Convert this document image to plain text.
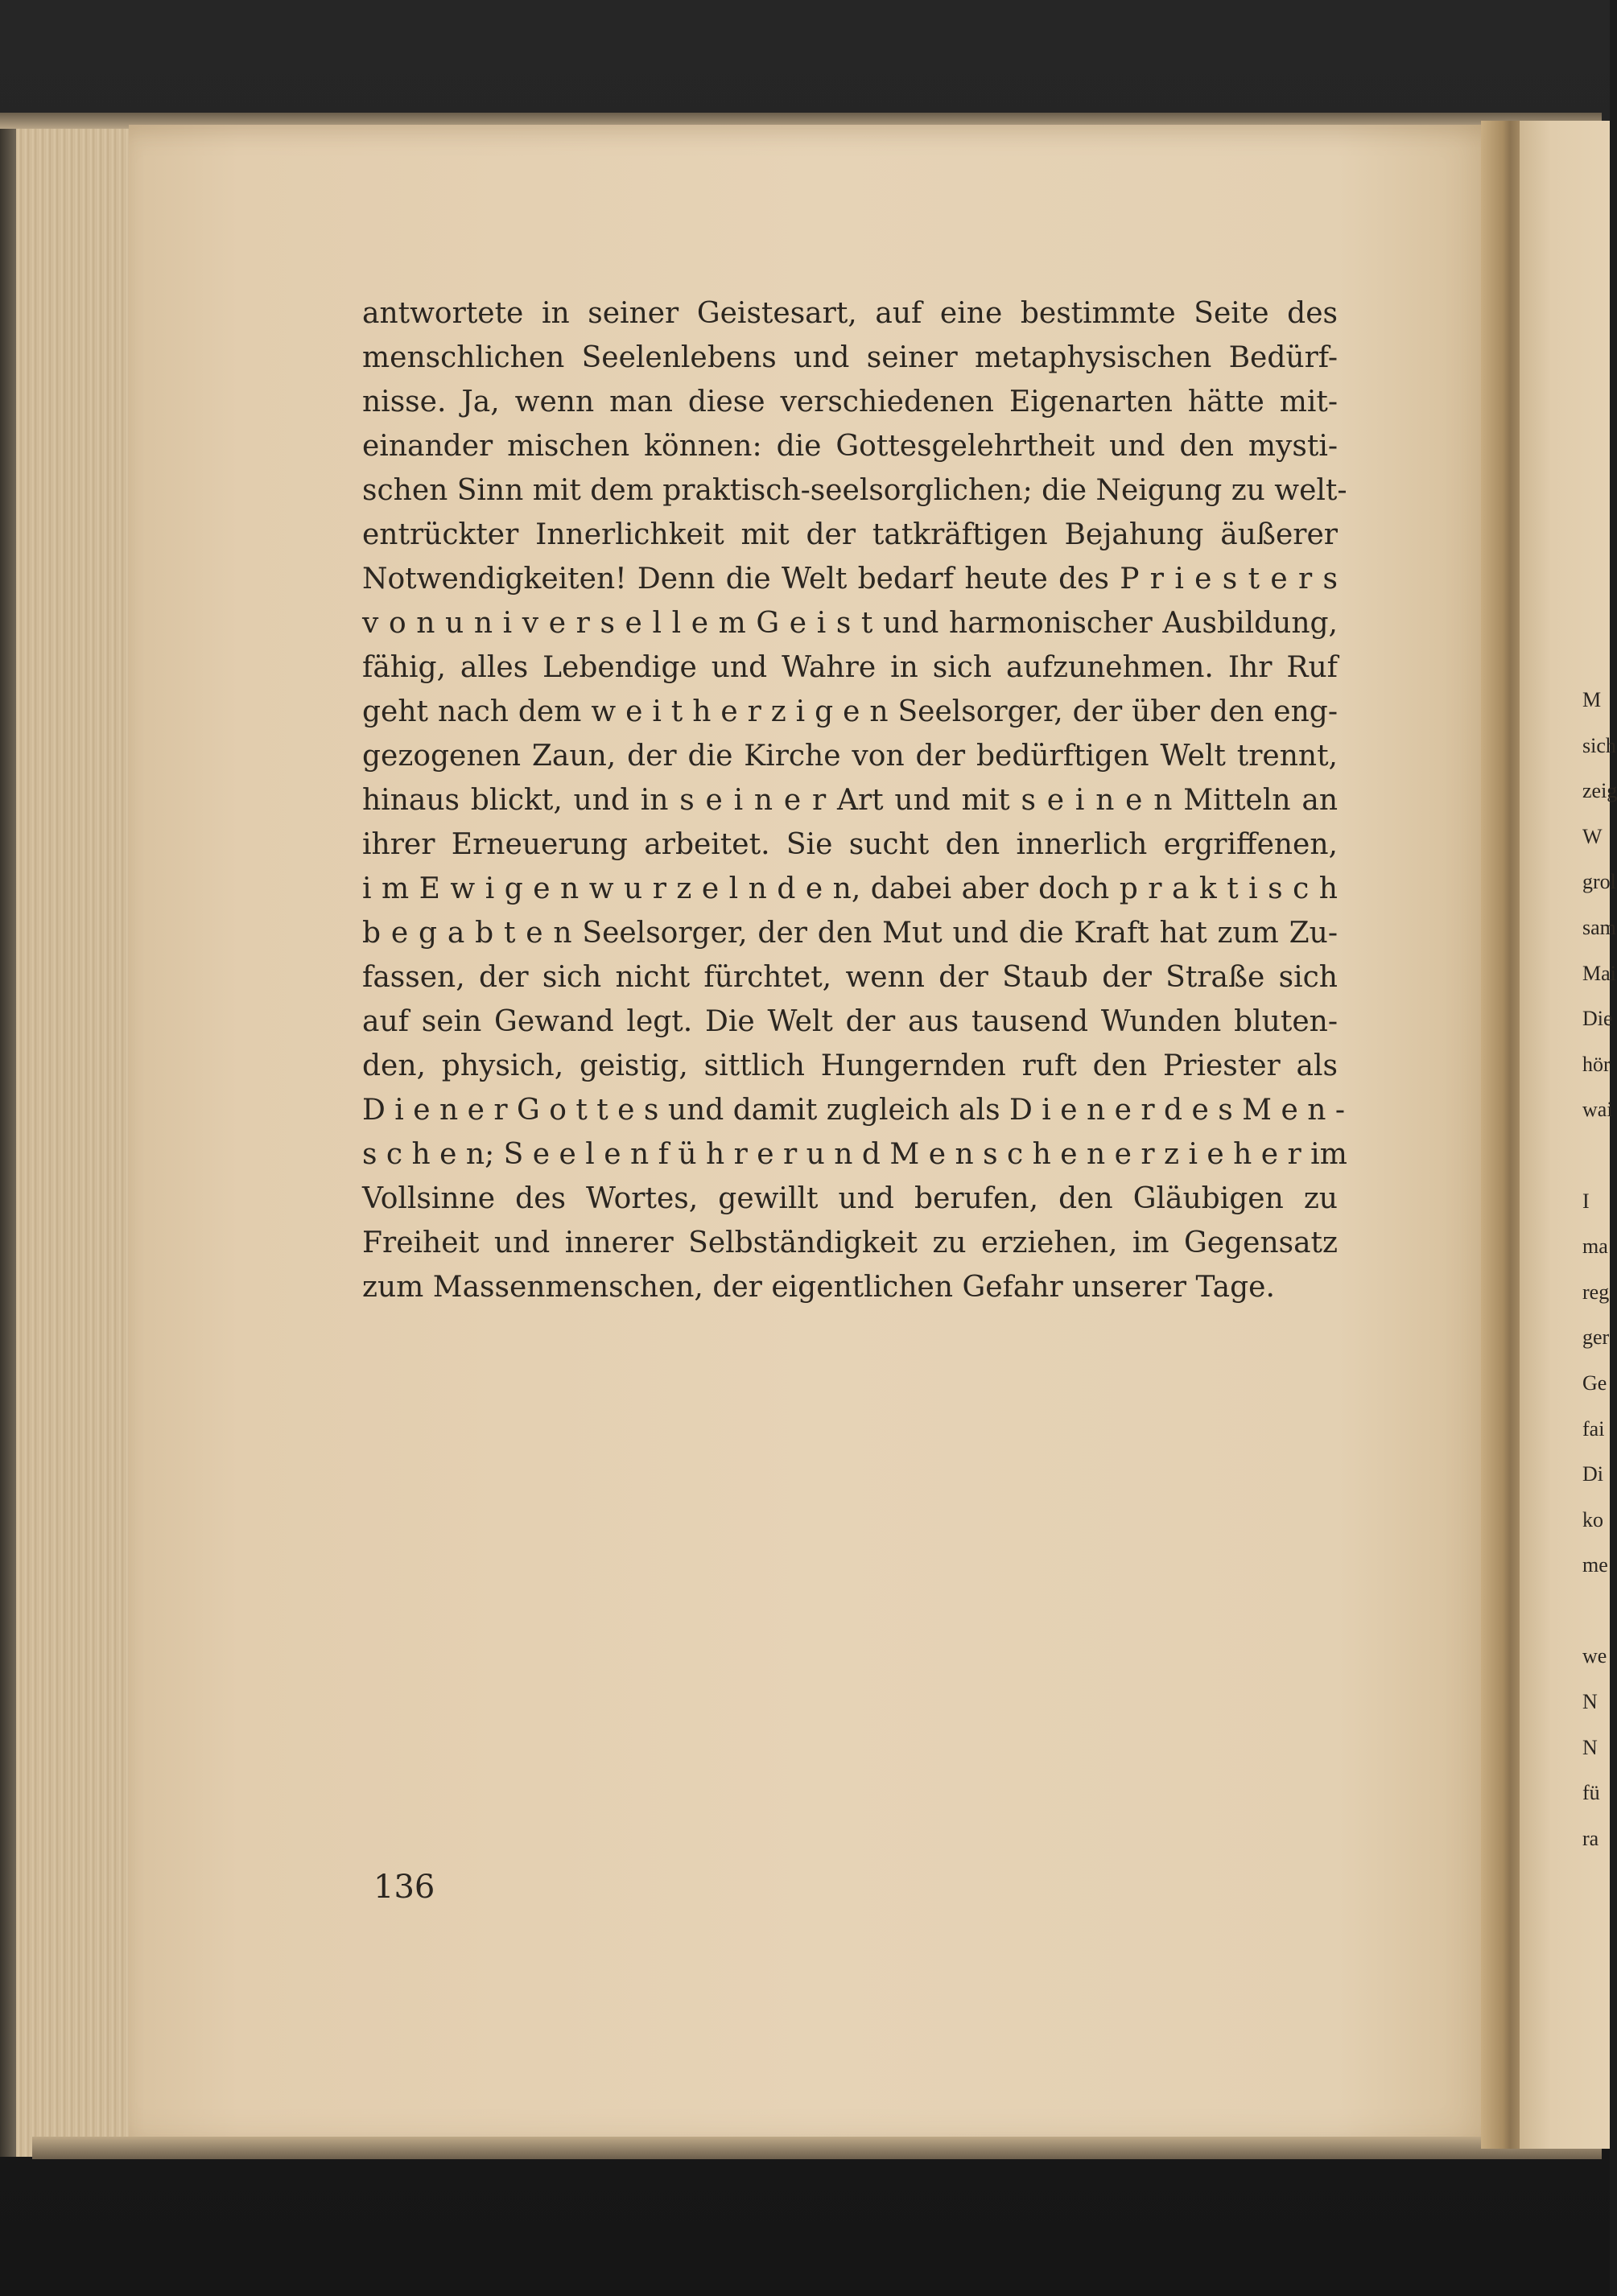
antwortete in seiner Geistesart, auf eine bestimmte Seite des
menschlichen Seelenlebens und seiner metaphysischen Bedürf-
nisse. Ja, wenn man diese verschiedenen Eigenarten hätte mit-
einander mischen können: die Gottesgelehrtheit und den mysti-
schen Sinn mit dem praktisch-seelsorglichen; die Neigung zu welt-
entrückter Innerlichkeit mit der tatkräftigen Bejahung äußerer
Notwendigkeiten! Denn die Welt bedarf heute des P r i e s t e r s
v o n u n i v e r s e l l e m G e i s t und harmonischer Ausbildung,
fähig, alles Lebendige und Wahre in sich aufzunehmen. Ihr Ruf
geht nach dem w e i t h e r z i g e n Seelsorger, der über den eng-
gezogenen Zaun, der die Kirche von der bedürftigen Welt trennt,
hinaus blickt, und in s e i n e r Art und mit s e i n e n Mitteln an
ihrer Erneuerung arbeitet. Sie sucht den innerlich ergriffenen,
i m E w i g e n w u r z e l n d e n, dabei aber doch p r a k t i s c h
b e g a b t e n Seelsorger, der den Mut und die Kraft hat zum Zu-
fassen, der sich nicht fürchtet, wenn der Staub der Straße sich
auf sein Gewand legt. Die Welt der aus tausend Wunden bluten-
den, physich, geistig, sittlich Hungernden ruft den Priester als
D i e n e r G o t t e s und damit zugleich als D i e n e r d e s M e n -
s c h e n; S e e l e n f ü h r e r u n d M e n s c h e n e r z i e h e r im
Vollsinne des Wortes, gewillt und berufen, den Gläubigen zu
Freiheit und innerer Selbständigkeit zu erziehen, im Gegensatz
zum Massenmenschen, der eigentlichen Gefahr unserer Tage.
136
M
sich
zeig
W
grol
sam
Mai
Die
hör
wai
I
ma
reg
ger
Ge
fai
Di
ko
me
we
N
N
fü
ra
